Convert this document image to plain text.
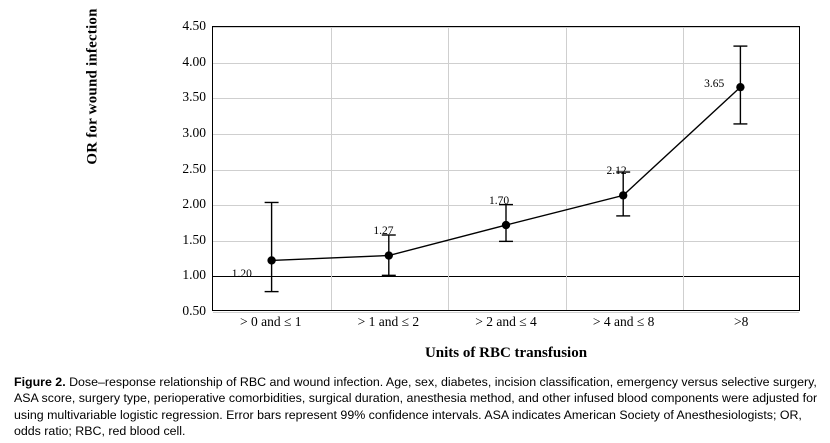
OR for wound infection
0.50
1.00
1.50
2.00
2.50
3.00
3.50
4.00
4.50
1.20
1.27
1.70
2.12
3.65
> 0 and ≤ 1	> 1 and ≤ 2	> 2 and ≤ 4	> 4 and ≤ 8	>8
Units of RBC transfusion
Figure 2. Dose–response relationship of RBC and wound infection. Age, sex, diabetes, incision classification, emergency versus selective surgery, ASA score, surgery type, perioperative comorbidities, surgical duration, anesthesia method, and other infused blood components were adjusted for using multivariable logistic regression. Error bars represent 99% confidence intervals. ASA indicates American Society of Anesthesiologists; OR, odds ratio; RBC, red blood cell.
